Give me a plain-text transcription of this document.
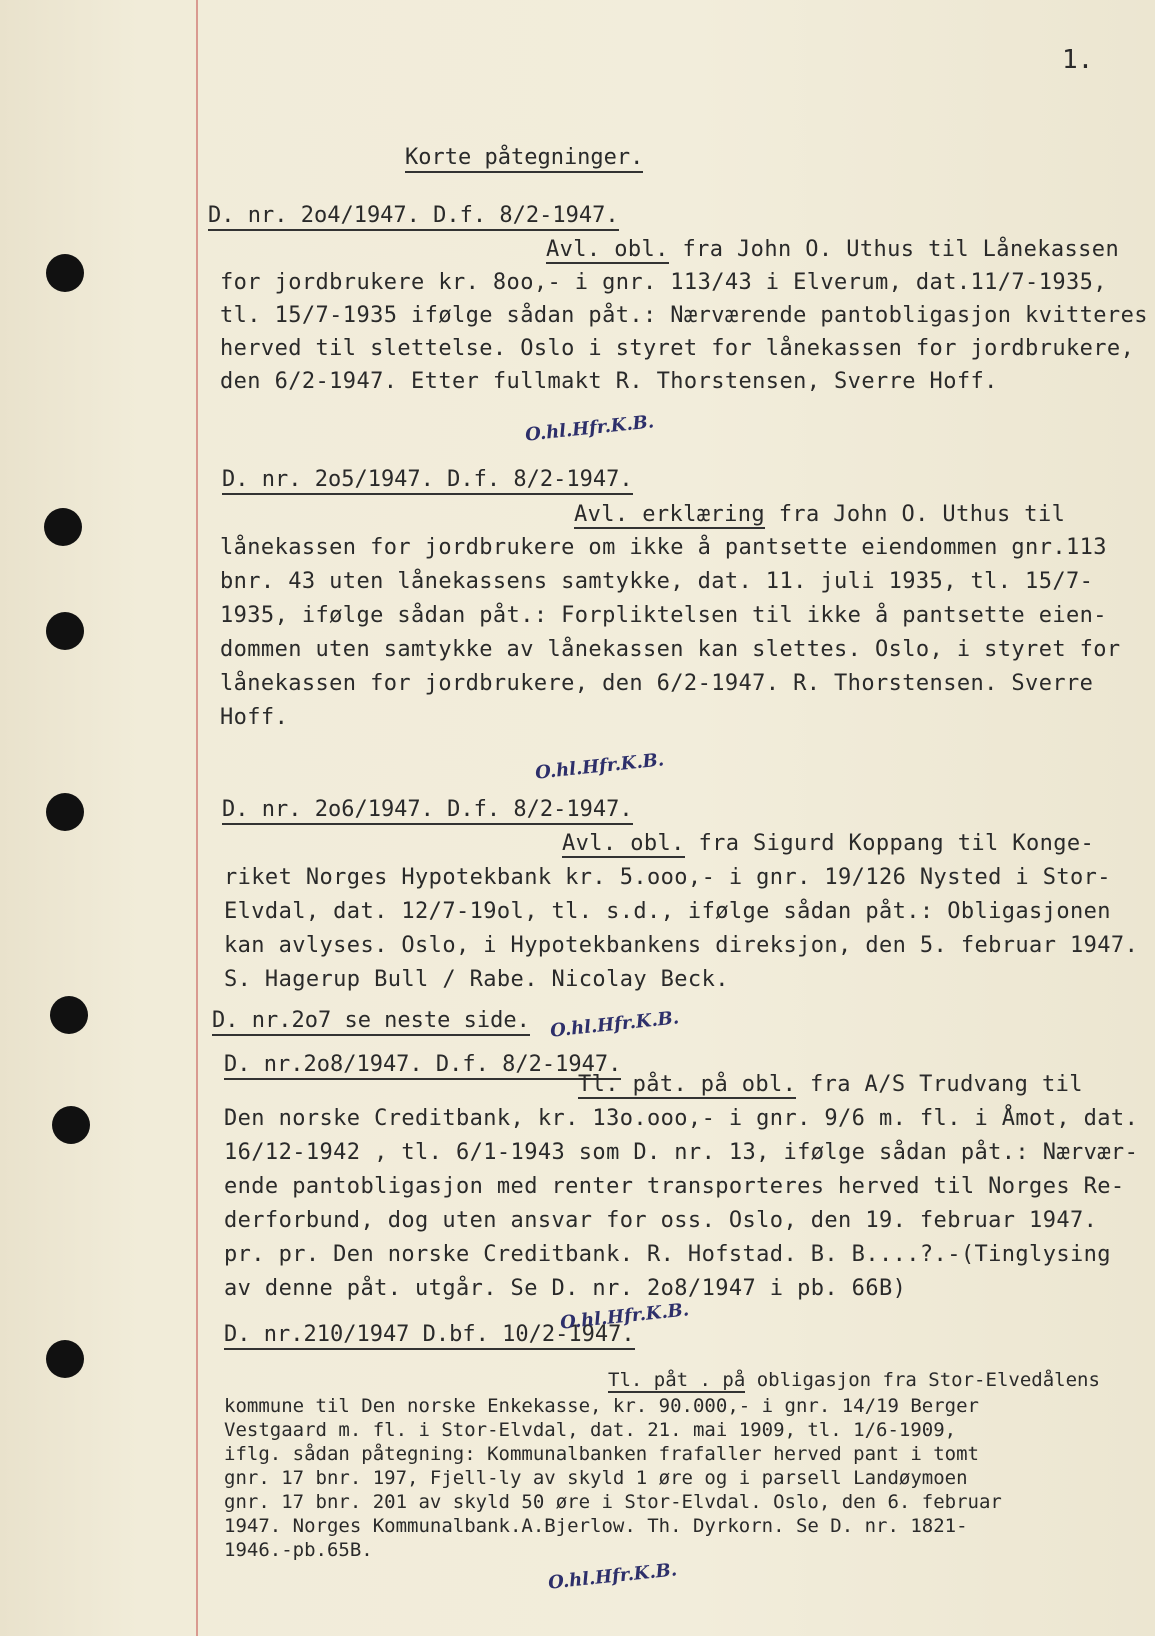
1.
Korte påtegninger.
D. nr. 2o4/1947. D.f. 8/2-1947.
Avl. obl. fra John O. Uthus til Lånekassen
for jordbrukere kr. 8oo,- i gnr. 113/43 i Elverum, dat.11/7-1935,
tl. 15/7-1935 ifølge sådan påt.: Nærværende pantobligasjon kvitteres
herved til slettelse. Oslo i styret for lånekassen for jordbrukere,
den 6/2-1947. Etter fullmakt R. Thorstensen, Sverre Hoff.
O.hl.Hfr.K.B.
D. nr. 2o5/1947. D.f. 8/2-1947.
Avl. erklæring fra John O. Uthus til
lånekassen for jordbrukere om ikke å pantsette eiendommen gnr.113
bnr. 43 uten lånekassens samtykke, dat. 11. juli 1935, tl. 15/7-
1935, ifølge sådan påt.: Forpliktelsen til ikke å pantsette eien-
dommen uten samtykke av lånekassen kan slettes. Oslo, i styret for
lånekassen for jordbrukere, den 6/2-1947. R. Thorstensen. Sverre
Hoff.
O.hl.Hfr.K.B.
D. nr. 2o6/1947. D.f. 8/2-1947.
Avl. obl. fra Sigurd Koppang til Konge-
riket Norges Hypotekbank kr. 5.ooo,- i gnr. 19/126 Nysted i Stor-
Elvdal, dat. 12/7-19ol, tl. s.d., ifølge sådan påt.: Obligasjonen
kan avlyses. Oslo, i Hypotekbankens direksjon, den 5. februar 1947.
S. Hagerup Bull / Rabe. Nicolay Beck.
D. nr.2o7 se neste side. O.hl.Hfr.K.B.
D. nr.2o8/1947. D.f. 8/2-1947.
Tl. påt. på obl. fra A/S Trudvang til
Den norske Creditbank, kr. 13o.ooo,- i gnr. 9/6 m. fl. i Åmot, dat.
16/12-1942 , tl. 6/1-1943 som D. nr. 13, ifølge sådan påt.: Nærvær-
ende pantobligasjon med renter transporteres herved til Norges Re-
derforbund, dog uten ansvar for oss. Oslo, den 19. februar 1947.
pr. pr. Den norske Creditbank. R. Hofstad. B. B....?.-(Tinglysing
av denne påt. utgår. Se D. nr. 2o8/1947 i pb. 66B)
D. nr.210/1947 D.bf. 10/2-1947.
O.hl.Hfr.K.B.
Tl. påt . på obligasjon fra Stor-Elvedålens
kommune til Den norske Enkekasse, kr. 90.000,- i gnr. 14/19 Berger
Vestgaard m. fl. i Stor-Elvdal, dat. 21. mai 1909, tl. 1/6-1909,
iflg. sådan påtegning: Kommunalbanken frafaller herved pant i tomt
gnr. 17 bnr. 197, Fjell-ly av skyld 1 øre og i parsell Landøymoen
gnr. 17 bnr. 201 av skyld 50 øre i Stor-Elvdal. Oslo, den 6. februar
1947. Norges Kommunalbank.A.Bjerlow. Th. Dyrkorn. Se D. nr. 1821-
1946.-pb.65B.
O.hl.Hfr.K.B.
